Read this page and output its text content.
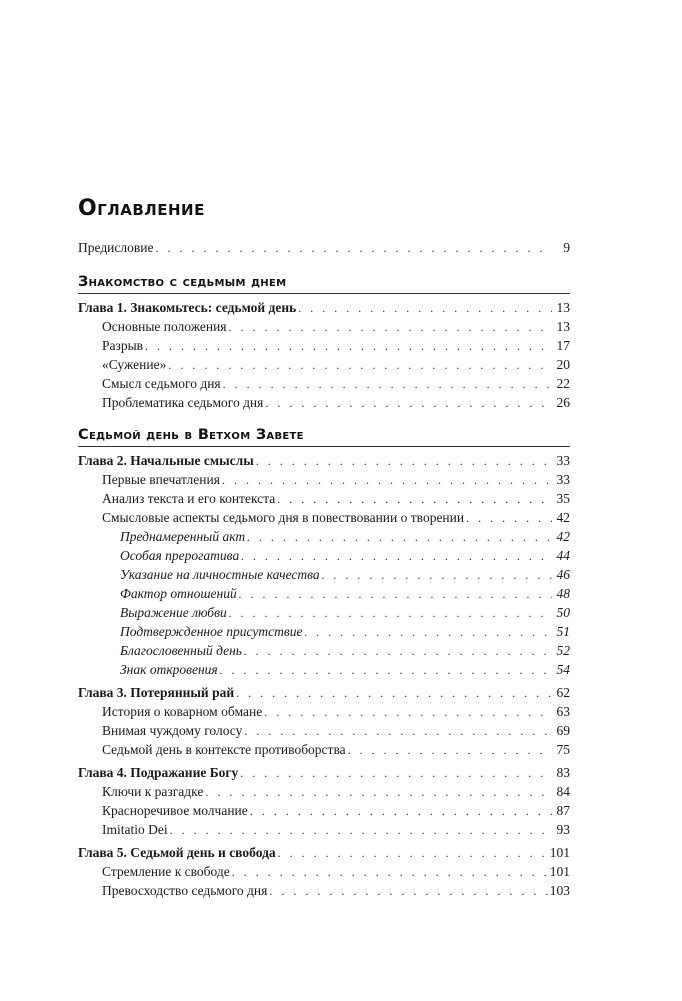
Оглавление
Предисловие . . .	9
Знакомство с седьмым днем
Глава 1. Знакомьтесь: седьмой день . . .	13
Основные положения . . .	13
Разрыв . . .	17
«Сужение» . . .	20
Смысл седьмого дня . . .	22
Проблематика седьмого дня . . .	26
Седьмой день в Ветхом Завете
Глава 2. Начальные смыслы . . .	33
Первые впечатления . . .	33
Анализ текста и его контекста . . .	35
Смысловые аспекты седьмого дня в повествовании о творении . . .	42
Преднамеренный акт . . .	42
Особая прерогатива . . .	44
Указание на личностные качества . . .	46
Фактор отношений . . .	48
Выражение любви . . .	50
Подтвержденное присутствие . . .	51
Благословенный день . . .	52
Знак откровения . . .	54
Глава 3. Потерянный рай . . .	62
История о коварном обмане . . .	63
Внимая чуждому голосу . . .	69
Седьмой день в контексте противоборства . . .	75
Глава 4. Подражание Богу . . .	83
Ключи к разгадке . . .	84
Красноречивое молчание . . .	87
Imitatio Dei . . .	93
Глава 5. Седьмой день и свобода . . .	101
Стремление к свободе . . .	101
Превосходство седьмого дня . . .	103
